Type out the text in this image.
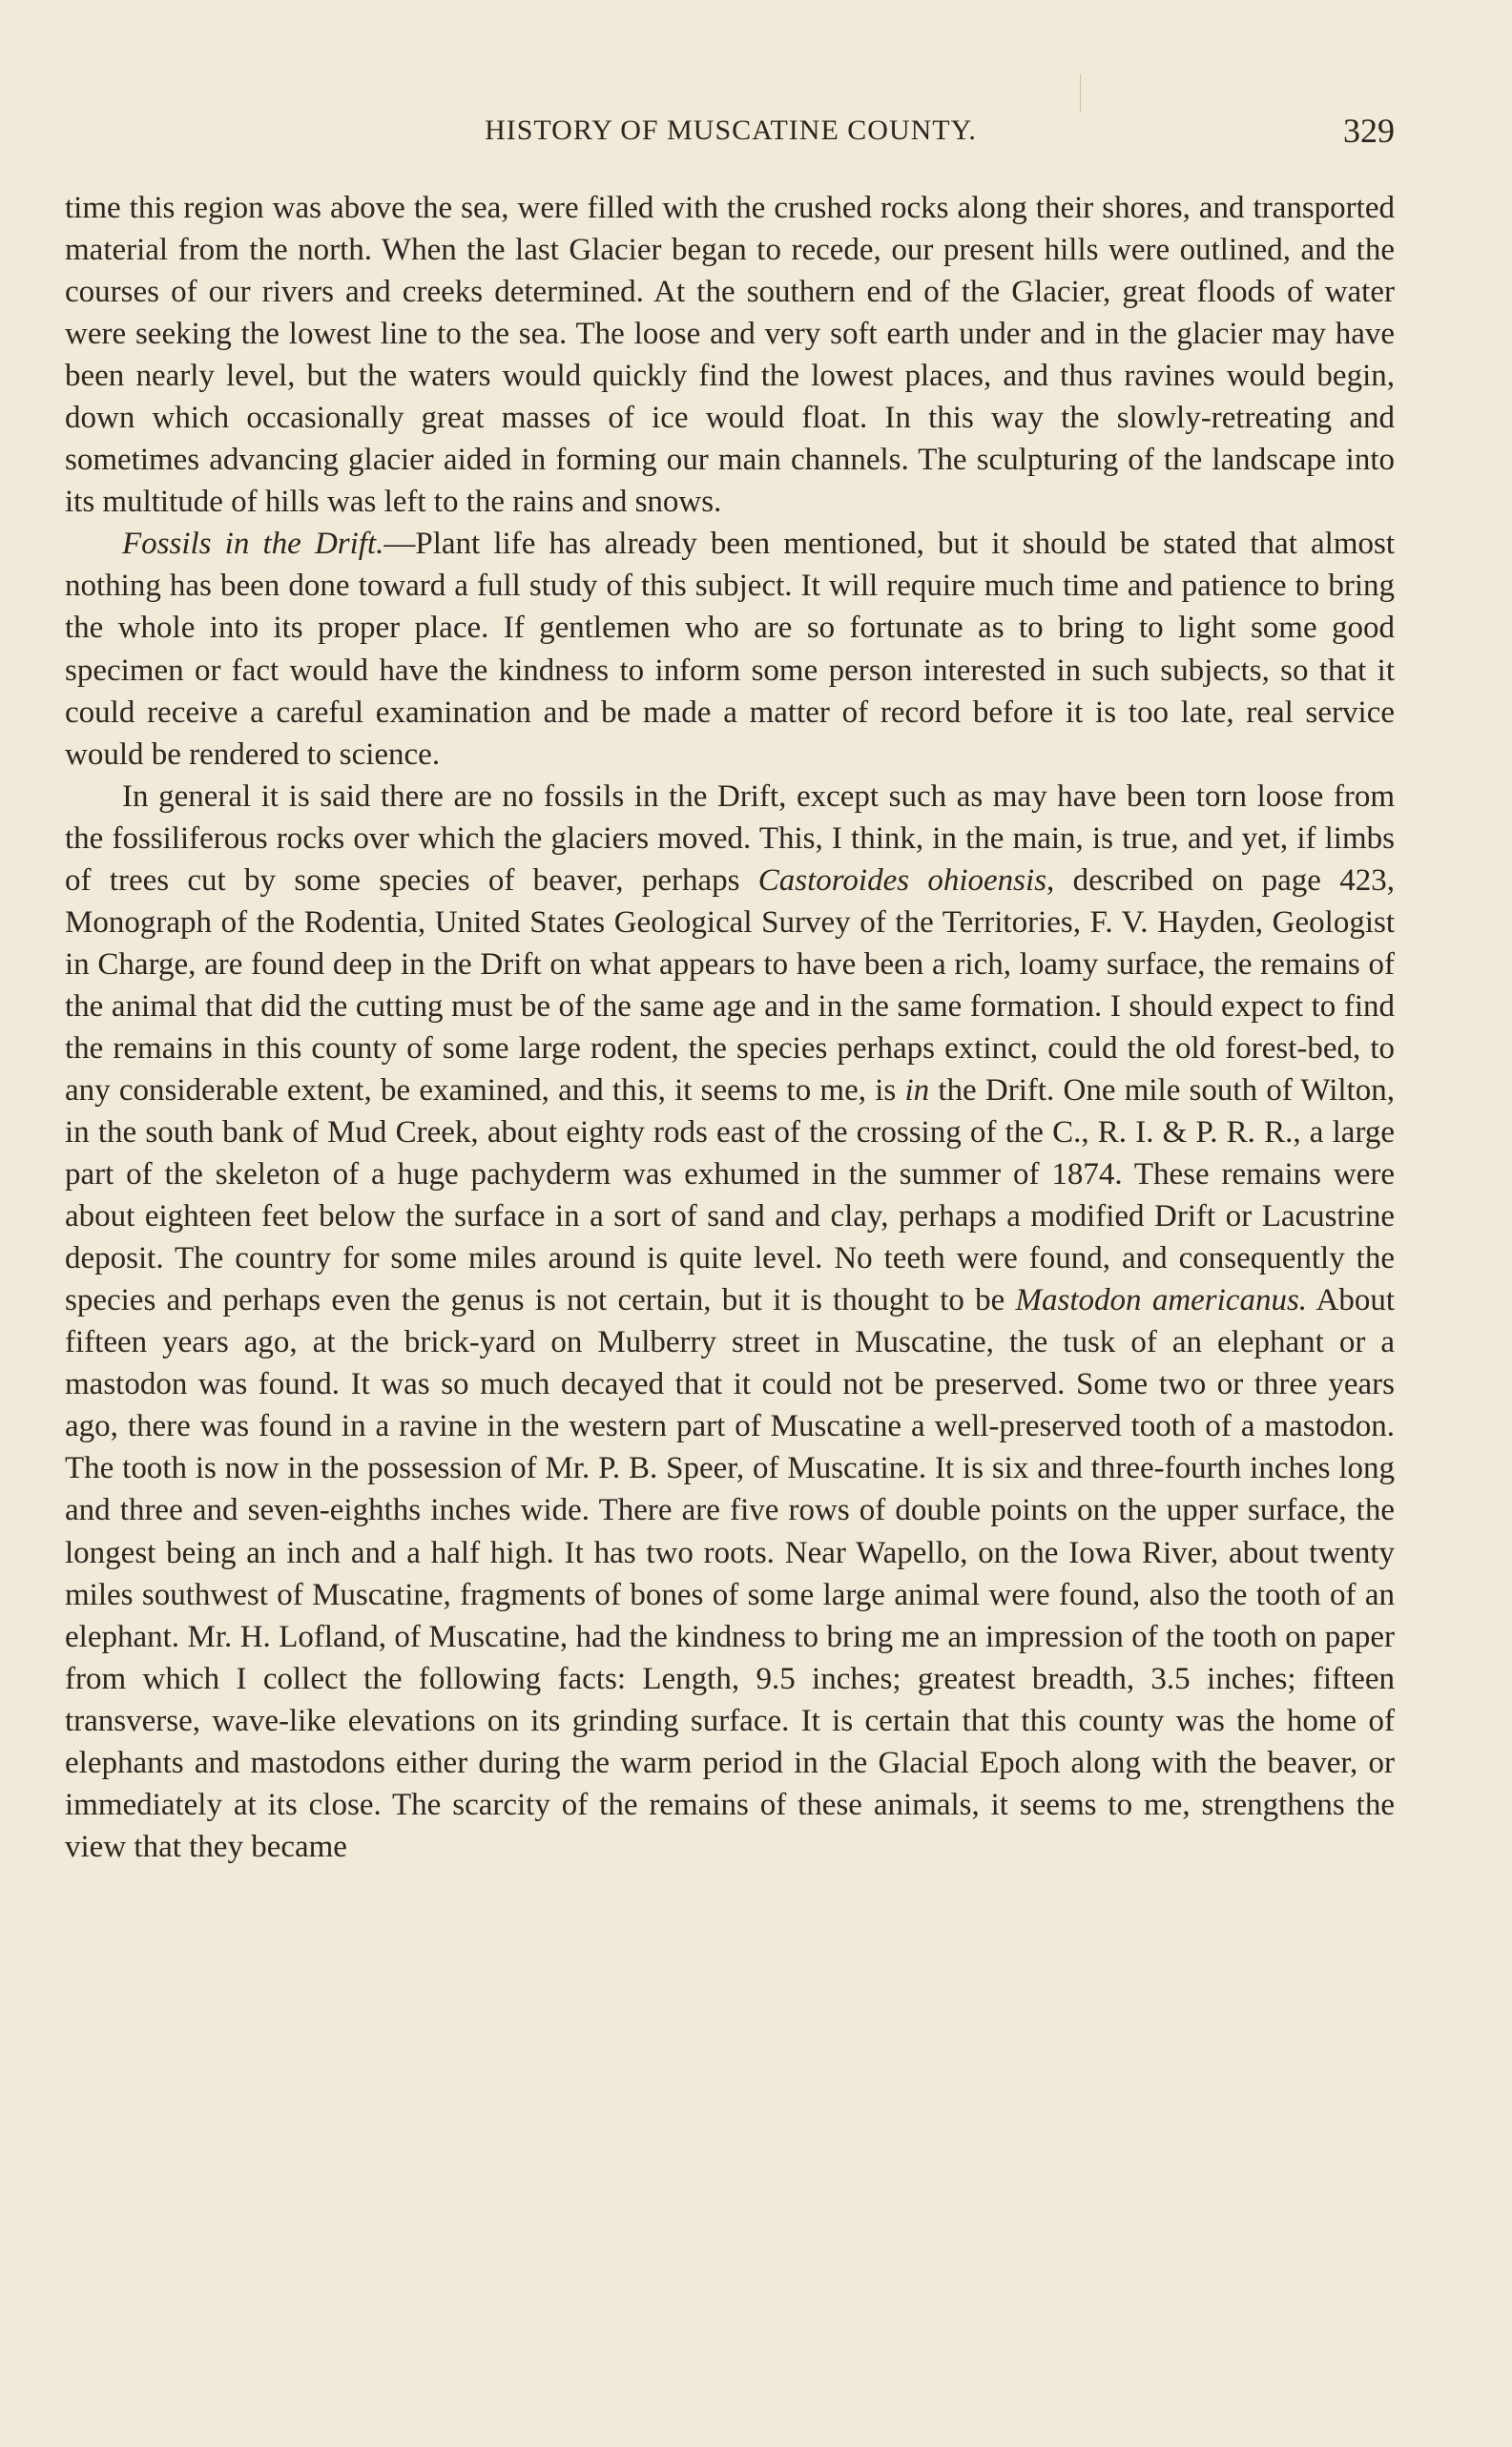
HISTORY OF MUSCATINE COUNTY.	329

time this region was above the sea, were filled with the crushed rocks along their shores, and transported material from the north. When the last Glacier began to recede, our present hills were outlined, and the courses of our rivers and creeks determined. At the southern end of the Glacier, great floods of water were seeking the lowest line to the sea. The loose and very soft earth under and in the glacier may have been nearly level, but the waters would quickly find the lowest places, and thus ravines would begin, down which occasionally great masses of ice would float. In this way the slowly-retreating and sometimes advancing glacier aided in forming our main channels. The sculpturing of the landscape into its multitude of hills was left to the rains and snows.

Fossils in the Drift.—Plant life has already been mentioned, but it should be stated that almost nothing has been done toward a full study of this subject. It will require much time and patience to bring the whole into its proper place. If gentlemen who are so fortunate as to bring to light some good specimen or fact would have the kindness to inform some person interested in such subjects, so that it could receive a careful examination and be made a matter of record before it is too late, real service would be rendered to science.

In general it is said there are no fossils in the Drift, except such as may have been torn loose from the fossiliferous rocks over which the glaciers moved. This, I think, in the main, is true, and yet, if limbs of trees cut by some species of beaver, perhaps Castoroides ohioensis, described on page 423, Monograph of the Rodentia, United States Geological Survey of the Territories, F. V. Hayden, Geologist in Charge, are found deep in the Drift on what appears to have been a rich, loamy surface, the remains of the animal that did the cutting must be of the same age and in the same formation. I should expect to find the remains in this county of some large rodent, the species perhaps extinct, could the old forest-bed, to any considerable extent, be examined, and this, it seems to me, is in the Drift. One mile south of Wilton, in the south bank of Mud Creek, about eighty rods east of the crossing of the C., R. I. & P. R. R., a large part of the skeleton of a huge pachyderm was exhumed in the summer of 1874. These remains were about eighteen feet below the surface in a sort of sand and clay, perhaps a modified Drift or Lacustrine deposit. The country for some miles around is quite level. No teeth were found, and consequently the species and perhaps even the genus is not certain, but it is thought to be Mastodon americanus. About fifteen years ago, at the brick-yard on Mulberry street in Muscatine, the tusk of an elephant or a mastodon was found. It was so much decayed that it could not be preserved. Some two or three years ago, there was found in a ravine in the western part of Muscatine a well-preserved tooth of a mastodon. The tooth is now in the possession of Mr. P. B. Speer, of Muscatine. It is six and three-fourth inches long and three and seven-eighths inches wide. There are five rows of double points on the upper surface, the longest being an inch and a half high. It has two roots. Near Wapello, on the Iowa River, about twenty miles southwest of Muscatine, fragments of bones of some large animal were found, also the tooth of an elephant. Mr. H. Lofland, of Muscatine, had the kindness to bring me an impression of the tooth on paper from which I collect the following facts: Length, 9.5 inches; greatest breadth, 3.5 inches; fifteen transverse, wave-like elevations on its grinding surface. It is certain that this county was the home of elephants and mastodons either during the warm period in the Glacial Epoch along with the beaver, or immediately at its close. The scarcity of the remains of these animals, it seems to me, strengthens the view that they became
